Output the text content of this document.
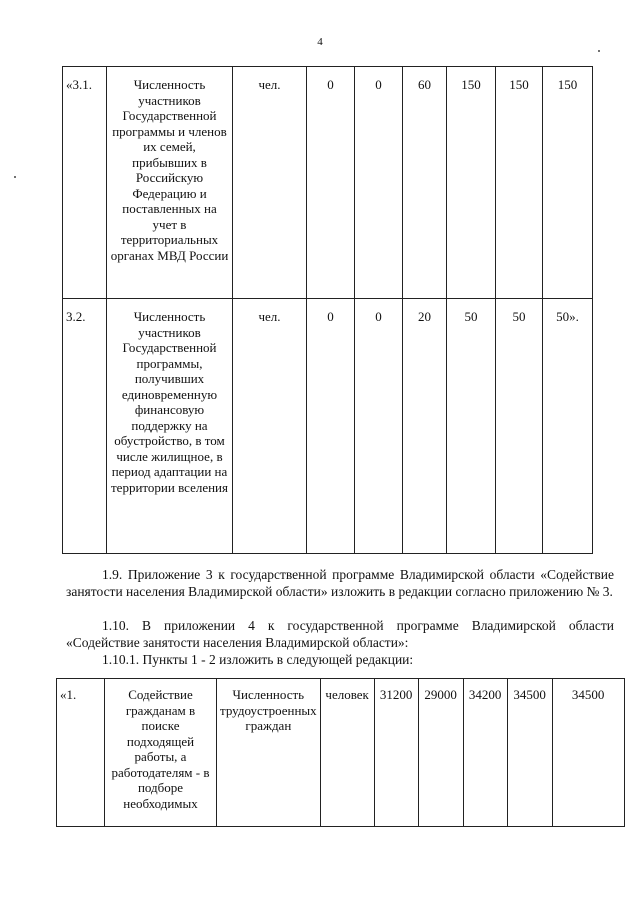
4
«3.1.	Численность участников Государственной программы и членов их семей, прибывших в Российскую Федерацию и поставленных на учет в территориальных органах МВД России	чел.	0	0	60	150	150	150
3.2.	Численность участников Государственной программы, получивших единовременную финансовую поддержку на обустройство, в том числе жилищное, в период адаптации на территории вселения	чел.	0	0	20	50	50	50».
1.9. Приложение 3 к государственной программе Владимирской области «Содействие занятости населения Владимирской области» изложить в редакции согласно приложению № 3.
1.10. В приложении 4 к государственной программе Владимирской области «Содействие занятости населения Владимирской области»:
1.10.1. Пункты 1 - 2 изложить в следующей редакции:
«1.	Содействие гражданам в поиске подходящей работы, а работодателям - в подборе необходимых	Численность трудоустроенных граждан	человек	31200	29000	34200	34500	34500
